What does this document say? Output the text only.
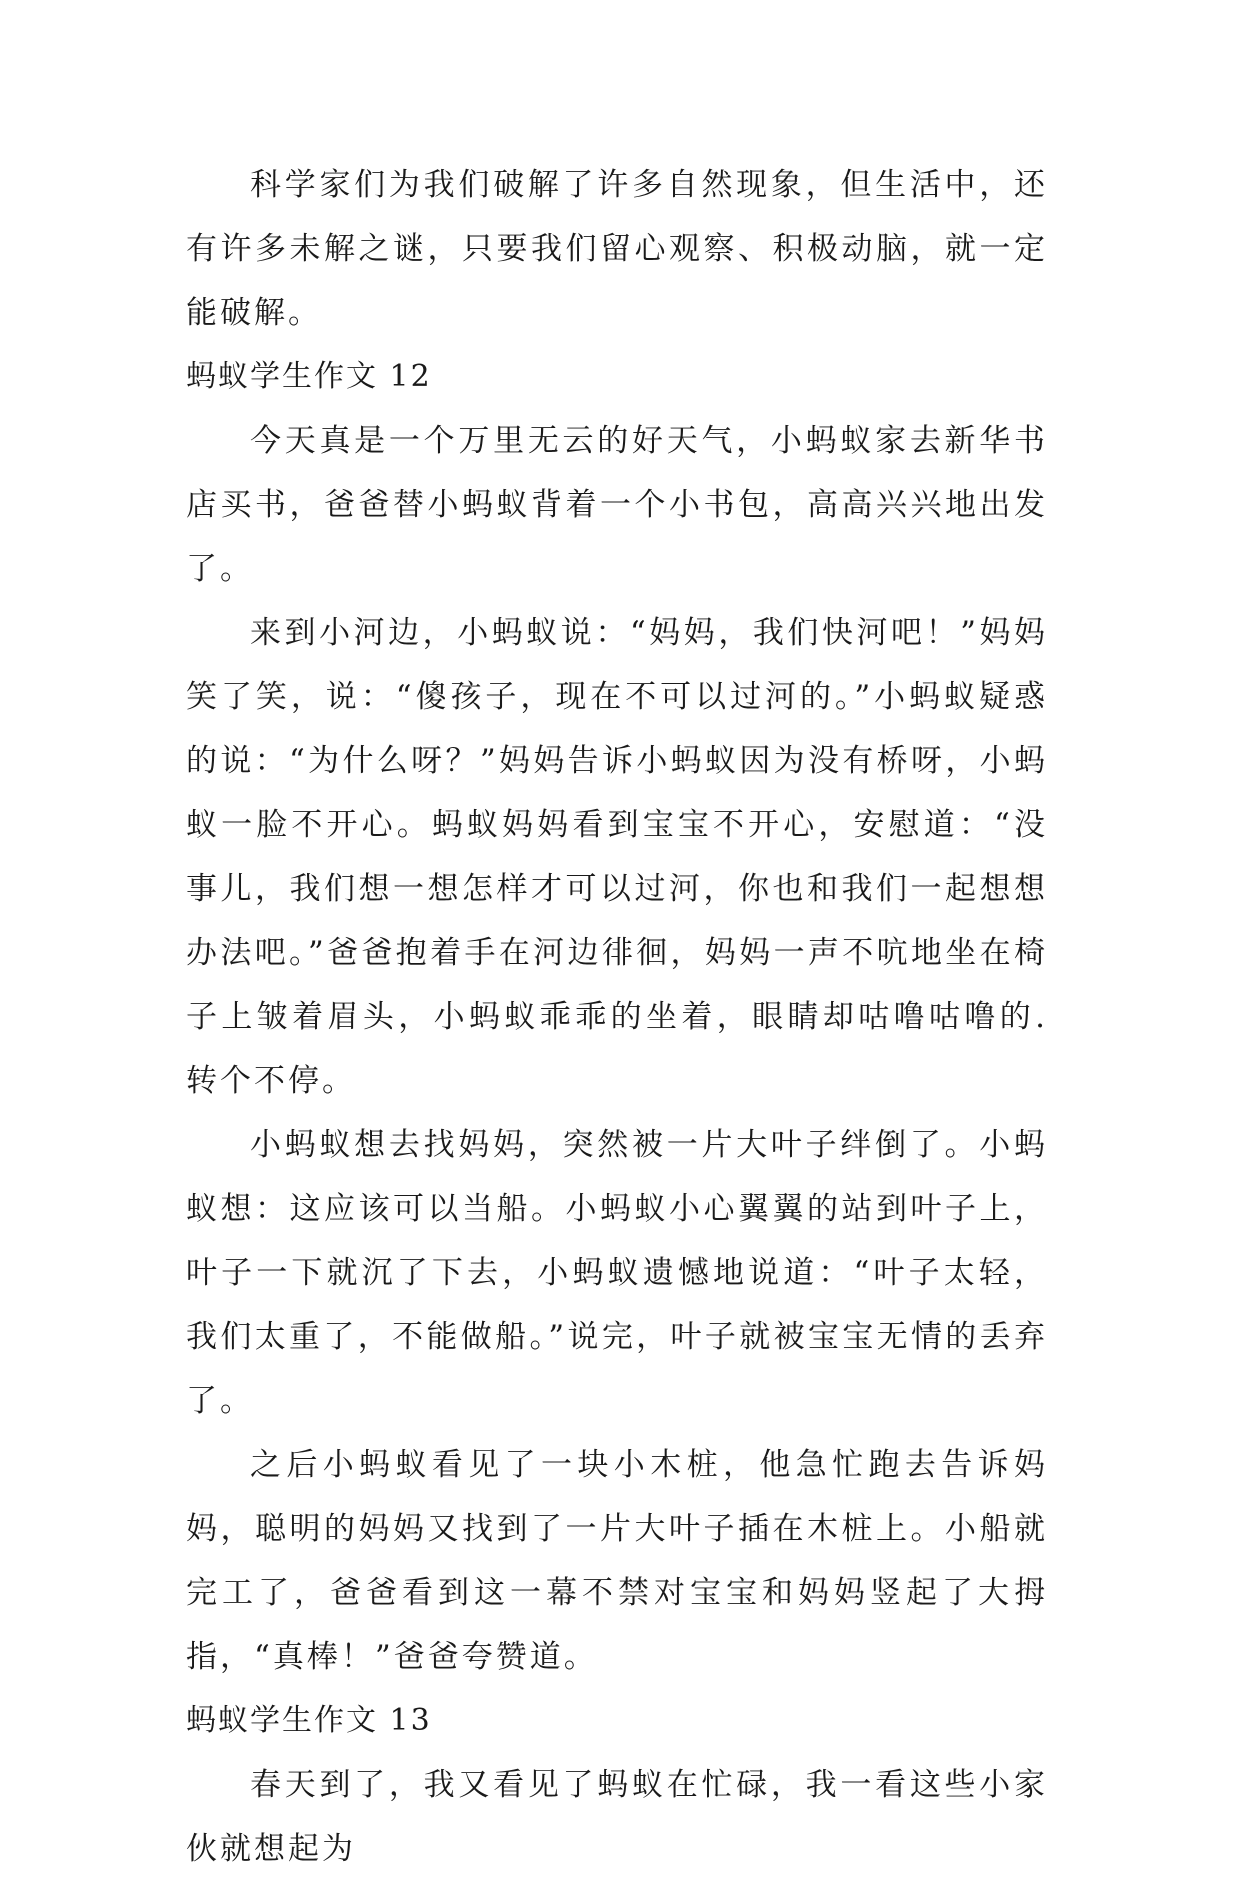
科学家们为我们破解了许多自然现象，但生活中，还有许多未解之谜，只要我们留心观察、积极动脑，就一定能破解。

蚂蚁学生作文 12

今天真是一个万里无云的好天气，小蚂蚁家去新华书店买书，爸爸替小蚂蚁背着一个小书包，高高兴兴地出发了。

来到小河边，小蚂蚁说：“妈妈，我们快河吧！”妈妈笑了笑，说：“傻孩子，现在不可以过河的。”小蚂蚁疑惑的说：“为什么呀？”妈妈告诉小蚂蚁因为没有桥呀，小蚂蚁一脸不开心。蚂蚁妈妈看到宝宝不开心，安慰道：“没事儿，我们想一想怎样才可以过河，你也和我们一起想想办法吧。”爸爸抱着手在河边徘徊，妈妈一声不吭地坐在椅子上皱着眉头，小蚂蚁乖乖的坐着，眼睛却咕噜咕噜的.转个不停。

小蚂蚁想去找妈妈，突然被一片大叶子绊倒了。小蚂蚁想：这应该可以当船。小蚂蚁小心翼翼的站到叶子上，叶子一下就沉了下去，小蚂蚁遗憾地说道：“叶子太轻，我们太重了，不能做船。”说完，叶子就被宝宝无情的丢弃了。

之后小蚂蚁看见了一块小木桩，他急忙跑去告诉妈妈，聪明的妈妈又找到了一片大叶子插在木桩上。小船就完工了，爸爸看到这一幕不禁对宝宝和妈妈竖起了大拇指，“真棒！”爸爸夸赞道。

蚂蚁学生作文 13

春天到了，我又看见了蚂蚁在忙碌，我一看这些小家伙就想起为
